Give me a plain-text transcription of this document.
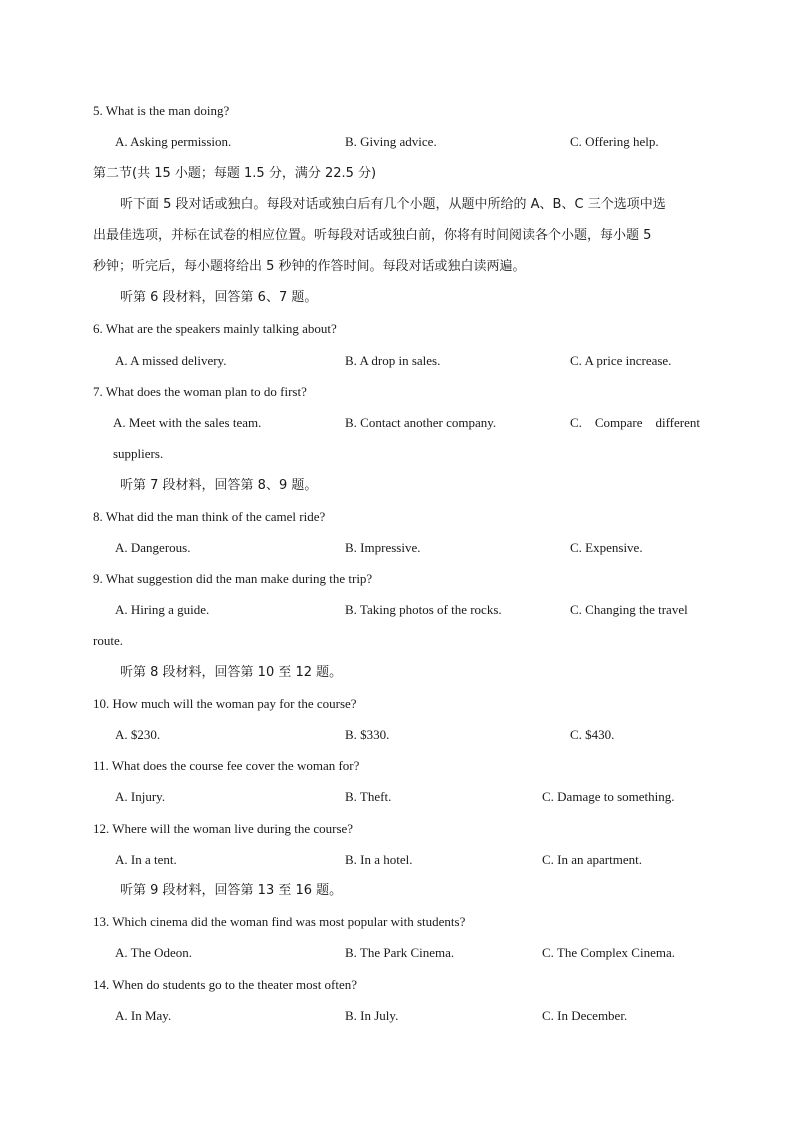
5. What is the man doing?
A. Asking permission.	B. Giving advice.	C. Offering help.
第二节(共 15 小题；每题 1.5 分，满分 22.5 分)
听下面 5 段对话或独白。每段对话或独白后有几个小题，从题中所给的 A、B、C 三个选项中选
出最佳选项，并标在试卷的相应位置。听每段对话或独白前，你将有时间阅读各个小题，每小题 5
秒钟；听完后，每小题将给出 5 秒钟的作答时间。每段对话或独白读两遍。
听第 6 段材料，回答第 6、7 题。
6. What are the speakers mainly talking about?
A. A missed delivery.	B. A drop in sales.	C. A price increase.
7. What does the woman plan to do first?
A. Meet with the sales team.	B. Contact another company.	C. Compare different
suppliers.
听第 7 段材料，回答第 8、9 题。
8. What did the man think of the camel ride?
A. Dangerous.	B. Impressive.	C. Expensive.
9. What suggestion did the man make during the trip?
A. Hiring a guide.	B. Taking photos of the rocks.	C. Changing the travel
route.
听第 8 段材料，回答第 10 至 12 题。
10. How much will the woman pay for the course?
A. $230.	B. $330.	C. $430.
11. What does the course fee cover the woman for?
A. Injury.	B. Theft.	C. Damage to something.
12. Where will the woman live during the course?
A. In a tent.	B. In a hotel.	C. In an apartment.
听第 9 段材料，回答第 13 至 16 题。
13. Which cinema did the woman find was most popular with students?
A. The Odeon.	B. The Park Cinema.	C. The Complex Cinema.
14. When do students go to the theater most often?
A. In May.	B. In July.	C. In December.
